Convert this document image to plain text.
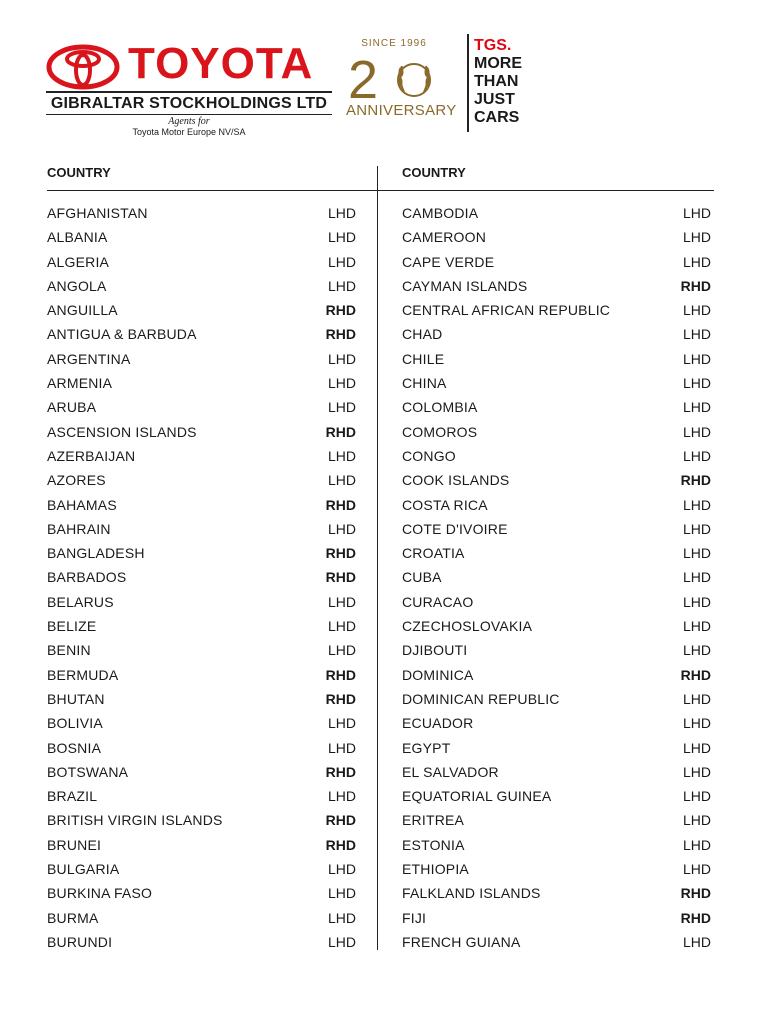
TOYOTA
GIBRALTAR STOCKHOLDINGS LTD
Agents for
Toyota Motor Europe NV/SA
SINCE 1996
2
ANNIVERSARY
TGS.
MORE
THAN
JUST
CARS
COUNTRY	COUNTRY
AFGHANISTAN	LHD
ALBANIA	LHD
ALGERIA	LHD
ANGOLA	LHD
ANGUILLA	RHD
ANTIGUA & BARBUDA	RHD
ARGENTINA	LHD
ARMENIA	LHD
ARUBA	LHD
ASCENSION ISLANDS	RHD
AZERBAIJAN	LHD
AZORES	LHD
BAHAMAS	RHD
BAHRAIN	LHD
BANGLADESH	RHD
BARBADOS	RHD
BELARUS	LHD
BELIZE	LHD
BENIN	LHD
BERMUDA	RHD
BHUTAN	RHD
BOLIVIA	LHD
BOSNIA	LHD
BOTSWANA	RHD
BRAZIL	LHD
BRITISH VIRGIN ISLANDS	RHD
BRUNEI	RHD
BULGARIA	LHD
BURKINA FASO	LHD
BURMA	LHD
BURUNDI	LHD
CAMBODIA	LHD
CAMEROON	LHD
CAPE VERDE	LHD
CAYMAN ISLANDS	RHD
CENTRAL AFRICAN REPUBLIC	LHD
CHAD	LHD
CHILE	LHD
CHINA	LHD
COLOMBIA	LHD
COMOROS	LHD
CONGO	LHD
COOK ISLANDS	RHD
COSTA RICA	LHD
COTE D'IVOIRE	LHD
CROATIA	LHD
CUBA	LHD
CURACAO	LHD
CZECHOSLOVAKIA	LHD
DJIBOUTI	LHD
DOMINICA	RHD
DOMINICAN REPUBLIC	LHD
ECUADOR	LHD
EGYPT	LHD
EL SALVADOR	LHD
EQUATORIAL GUINEA	LHD
ERITREA	LHD
ESTONIA	LHD
ETHIOPIA	LHD
FALKLAND ISLANDS	RHD
FIJI	RHD
FRENCH GUIANA	LHD
